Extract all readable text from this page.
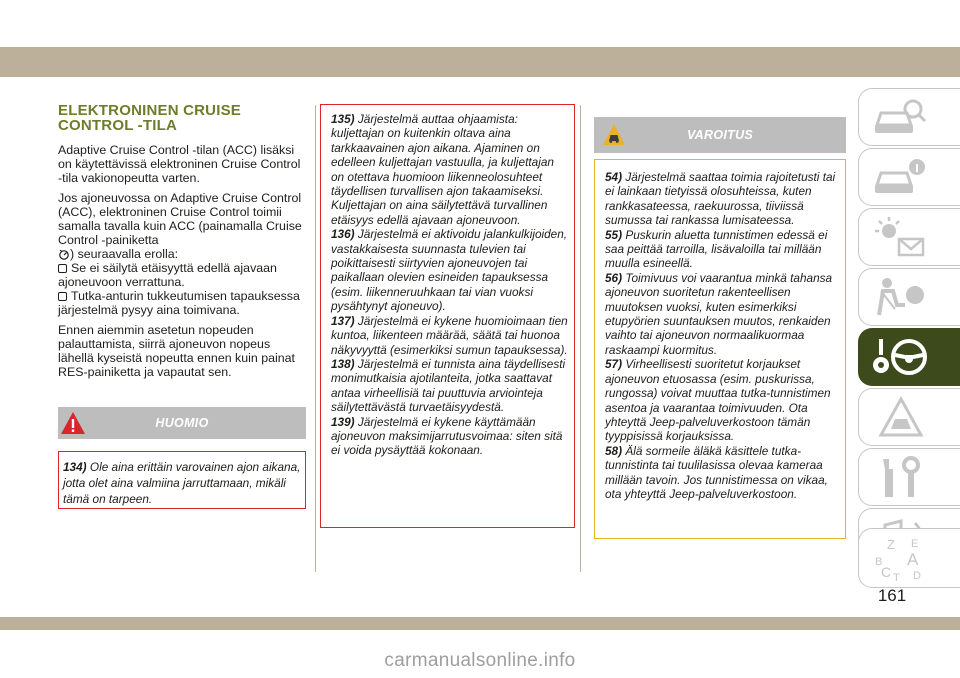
ELEKTRONINEN CRUISE
CONTROL -TILA

Adaptive Cruise Control -tilan (ACC) lisäksi on käytettävissä elektroninen Cruise Control -tila vakionopeutta varten.

Jos ajoneuvossa on Adaptive Cruise Control (ACC), elektroninen Cruise Control toimii samalla tavalla kuin ACC (painamalla Cruise Control -painiketta
) seuraavalla erolla:
Se ei säilytä etäisyyttä edellä ajavaan ajoneuvoon verrattuna.
Tutka-anturin tukkeutumisen tapauksessa järjestelmä pysyy aina toimivana.

Ennen aiemmin asetetun nopeuden palauttamista, siirrä ajoneuvon nopeus lähellä kyseistä nopeutta ennen kuin painat RES-painiketta ja vapautat sen.

HUOMIO
134) Ole aina erittäin varovainen ajon aikana, jotta olet aina valmiina jarruttamaan, mikäli tämä on tarpeen.
135) Järjestelmä auttaa ohjaamista: kuljettajan on kuitenkin oltava aina tarkkaavainen ajon aikana. Ajaminen on edelleen kuljettajan vastuulla, ja kuljettajan on otettava huomioon liikenneolosuhteet täydellisen turvallisen ajon takaamiseksi. Kuljettajan on aina säilytettävä turvallinen etäisyys edellä ajavaan ajoneuvoon.
136) Järjestelmä ei aktivoidu jalankulkijoiden, vastakkaisesta suunnasta tulevien tai poikittaisesti siirtyvien ajoneuvojen tai paikallaan olevien esineiden tapauksessa (esim. liikenneruuhkaan tai vian vuoksi pysähtynyt ajoneuvo).
137) Järjestelmä ei kykene huomioimaan tien kuntoa, liikenteen määrää, säätä tai huonoa näkyvyyttä (esimerkiksi sumun tapauksessa).
138) Järjestelmä ei tunnista aina täydellisesti monimutkaisia ajotilanteita, jotka saattavat antaa virheellisiä tai puuttuvia arviointeja säilytettävästä turvaetäisyydestä.
139) Järjestelmä ei kykene käyttämään ajoneuvon maksimijarrutusvoimaa: siten sitä ei voida pysäyttää kokonaan.
VAROITUS
54) Järjestelmä saattaa toimia rajoitetusti tai ei lainkaan tietyissä olosuhteissa, kuten rankkasateessa, raekuurossa, tiiviissä sumussa tai rankassa lumisateessa.
55) Puskurin aluetta tunnistimen edessä ei saa peittää tarroilla, lisävaloilla tai millään muulla esineellä.
56) Toimivuus voi vaarantua minkä tahansa ajoneuvon suoritetun rakenteellisen muutoksen vuoksi, kuten esimerkiksi etupyörien suuntauksen muutos, renkaiden vaihto tai ajoneuvon normaalikuormaa raskaampi kuormitus.
57) Virheellisesti suoritetut korjaukset ajoneuvon etuosassa (esim. puskurissa, rungossa) voivat muuttaa tutka-tunnistimen asentoa ja vaarantaa toimivuuden. Ota yhteyttä Jeep-palveluverkostoon tämän tyyppisissä korjauksissa.
58) Älä sormeile äläkä käsittele tutka-tunnistinta tai tuulilasissa olevaa kameraa millään tavoin. Jos tunnistimessa on vikaa, ota yhteyttä Jeep-palveluverkostoon.
Z E
B A
C T D
161
carmanualsonline.info
